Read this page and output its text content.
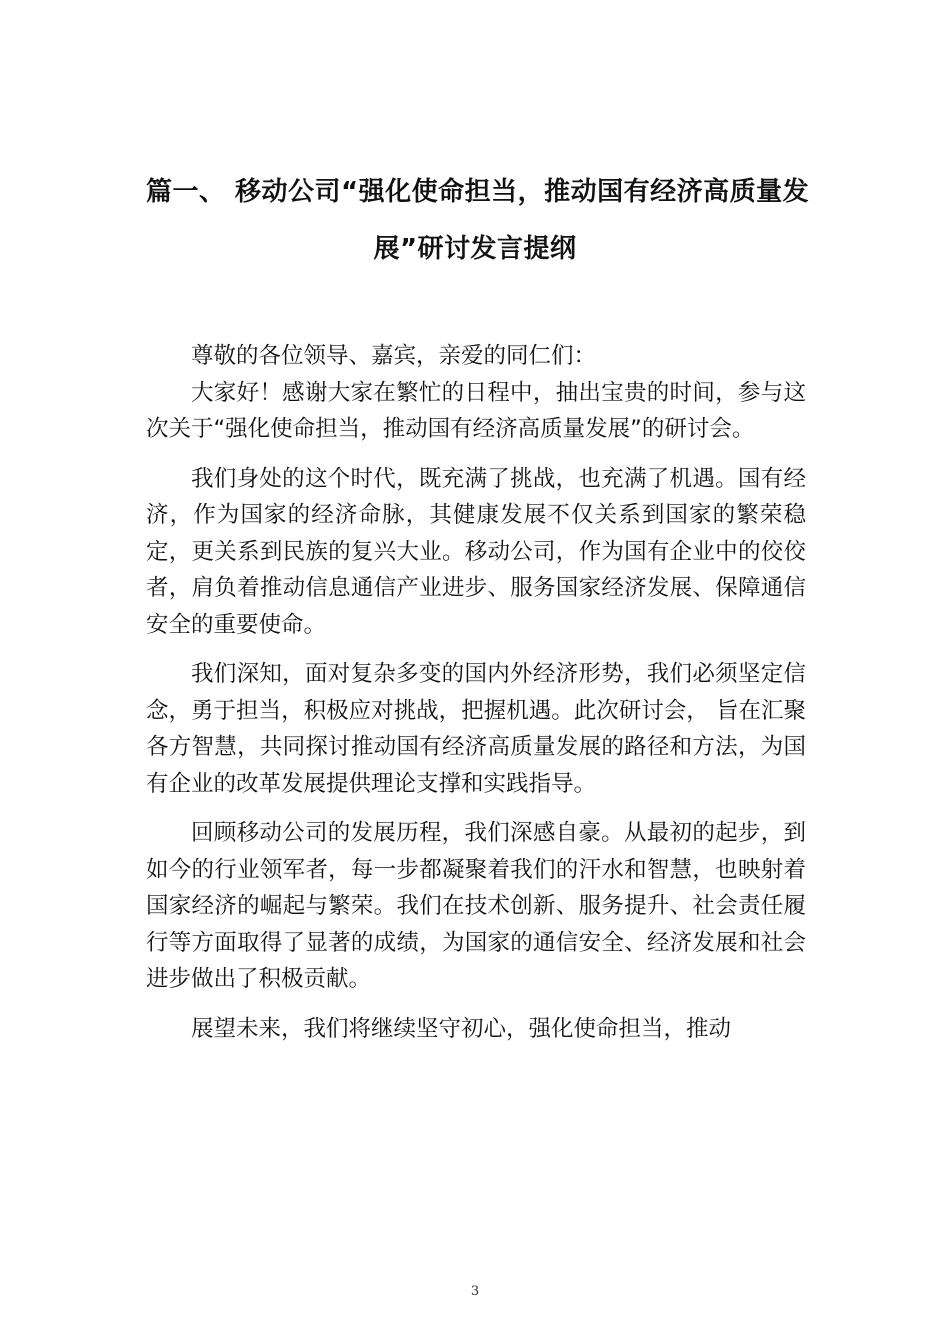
篇一、 移动公司“强化使命担当，推动国有经济高质量发
展”研讨发言提纲

尊敬的各位领导、嘉宾，亲爱的同仁们：

大家好！感谢大家在繁忙的日程中，抽出宝贵的时间，参与这次关于“强化使命担当，推动国有经济高质量发展”的研讨会。

我们身处的这个时代，既充满了挑战，也充满了机遇。国有经济，作为国家的经济命脉，其健康发展不仅关系到国家的繁荣稳定，更关系到民族的复兴大业。移动公司，作为国有企业中的佼佼者，肩负着推动信息通信产业进步、服务国家经济发展、保障通信安全的重要使命。

我们深知，面对复杂多变的国内外经济形势，我们必须坚定信念，勇于担当，积极应对挑战，把握机遇。此次研讨会， 旨在汇聚各方智慧，共同探讨推动国有经济高质量发展的路径和方法，为国有企业的改革发展提供理论支撑和实践指导。

回顾移动公司的发展历程，我们深感自豪。从最初的起步，到如今的行业领军者，每一步都凝聚着我们的汗水和智慧，也映射着国家经济的崛起与繁荣。我们在技术创新、服务提升、社会责任履行等方面取得了显著的成绩，为国家的通信安全、经济发展和社会进步做出了积极贡献。

展望未来，我们将继续坚守初心，强化使命担当，推动

3
